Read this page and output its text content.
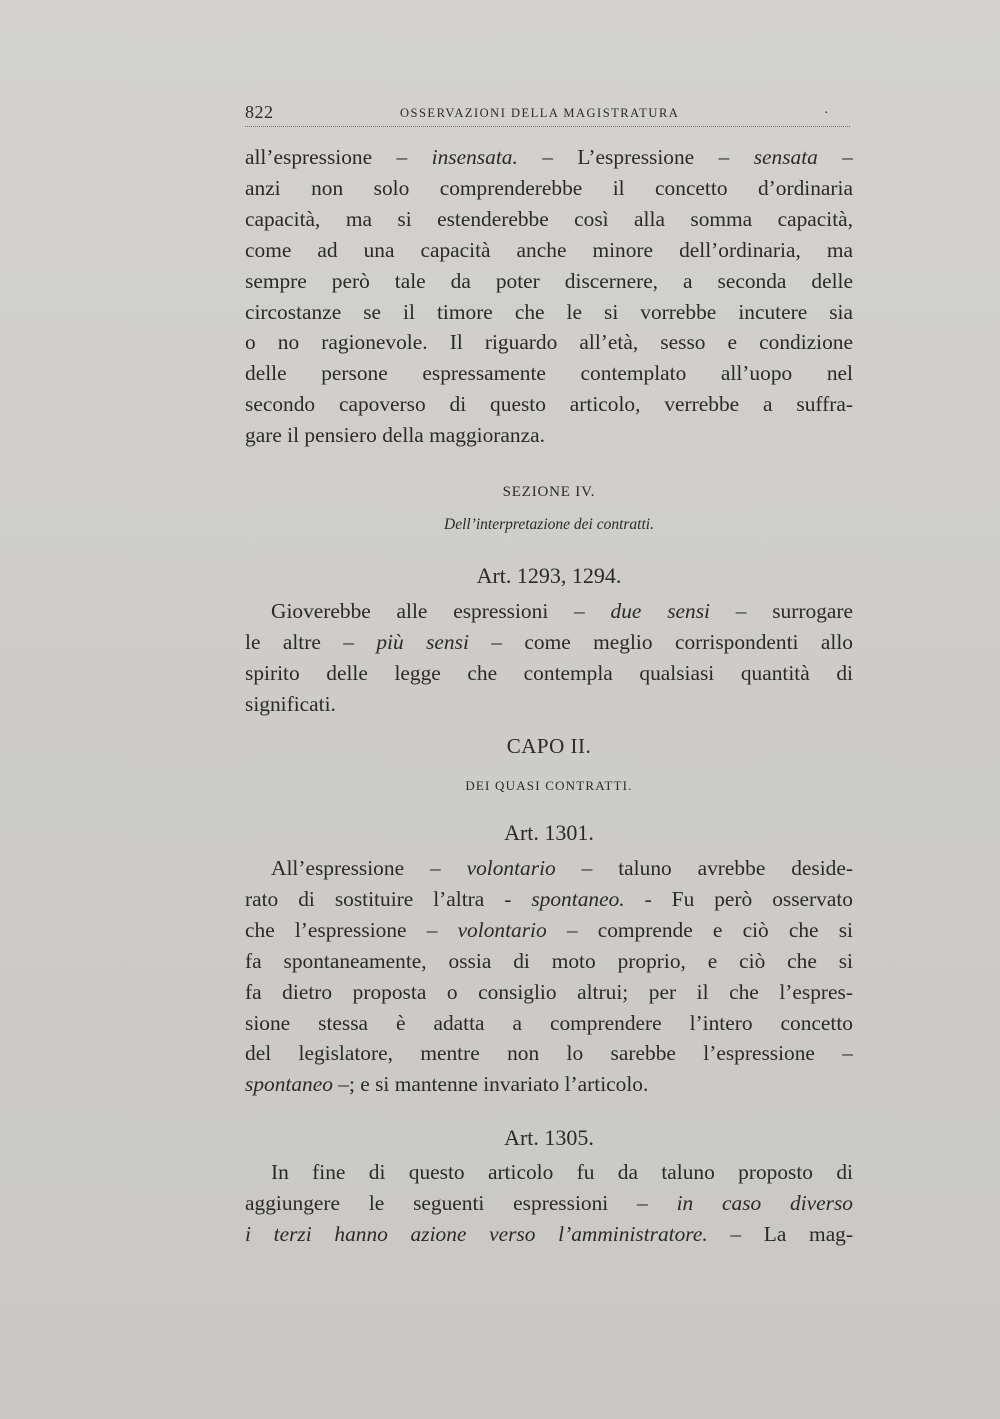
822	OSSERVAZIONI DELLA MAGISTRATURA	.

all’espressione – insensata. – L’espressione – sensata –
anzi non solo comprenderebbe il concetto d’ordinaria
capacità, ma si estenderebbe così alla somma capacità,
come ad una capacità anche minore dell’ordinaria, ma
sempre però tale da poter discernere, a seconda delle
circostanze se il timore che le si vorrebbe incutere sia
o no ragionevole. Il riguardo all’età, sesso e condizione
delle persone espressamente contemplato all’uopo nel
secondo capoverso di questo articolo, verrebbe a suffra-
gare il pensiero della maggioranza.

SEZIONE IV.
Dell’interpretazione dei contratti.
Art. 1293, 1294.

Gioverebbe alle espressioni – due sensi – surrogare
le altre – più sensi – come meglio corrispondenti allo
spirito delle legge che contempla qualsiasi quantità di
significati.

CAPO II.
DEI QUASI CONTRATTI.
Art. 1301.

All’espressione – volontario – taluno avrebbe deside-
rato di sostituire l’altra - spontaneo. - Fu però osservato
che l’espressione – volontario – comprende e ciò che si
fa spontaneamente, ossia di moto proprio, e ciò che si
fa dietro proposta o consiglio altrui; per il che l’espres-
sione stessa è adatta a comprendere l’intero concetto
del legislatore, mentre non lo sarebbe l’espressione –
spontaneo –; e si mantenne invariato l’articolo.

Art. 1305.

In fine di questo articolo fu da taluno proposto di
aggiungere le seguenti espressioni – in caso diverso
i terzi hanno azione verso l’amministratore. – La mag-
